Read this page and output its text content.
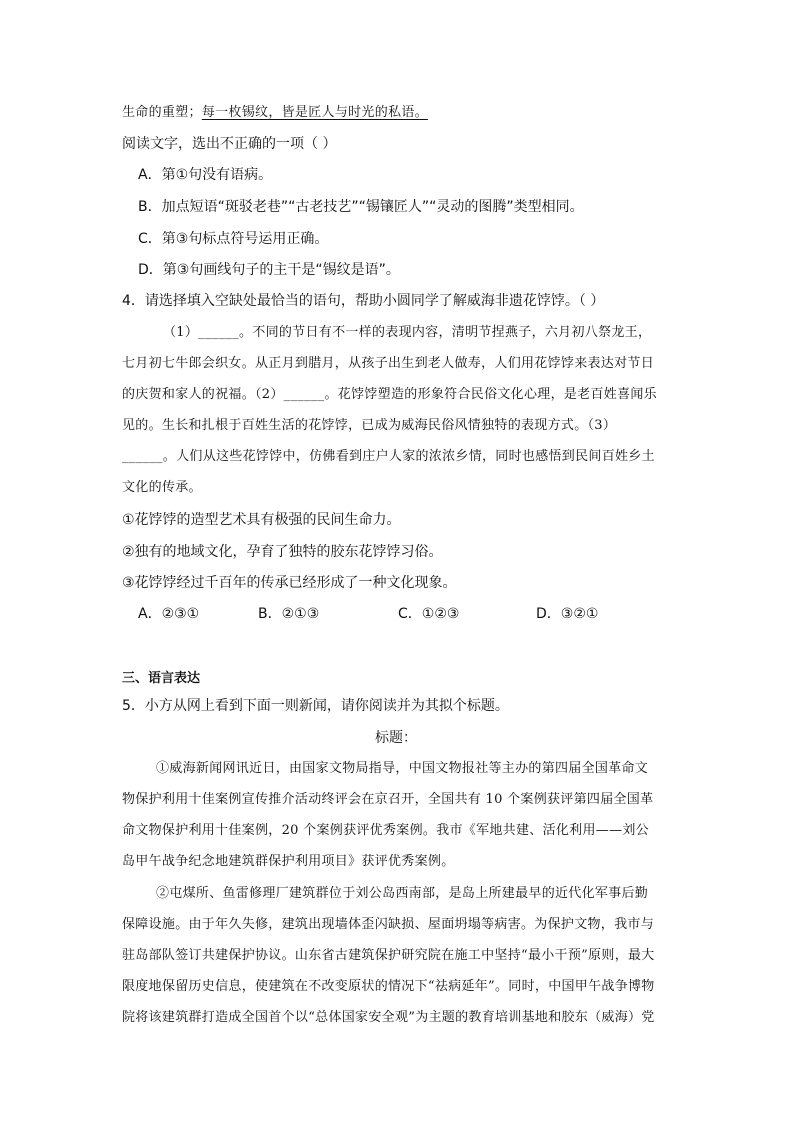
生命的重塑；每一枚锡纹，皆是匠人与时光的私语。
阅读文字，选出不正确的一项（ ）
A．第①句没有语病。
B．加点短语“斑驳老巷”“古老技艺”“锡镶匠人”“灵动的图腾”类型相同。
C．第③句标点符号运用正确。
D．第③句画线句子的主干是“锡纹是语”。
4．请选择填入空缺处最恰当的语句，帮助小圆同学了解威海非遗花饽饽。（ ）
（1）______。不同的节日有不一样的表现内容，清明节捏燕子，六月初八祭龙王，
七月初七牛郎会织女。从正月到腊月，从孩子出生到老人做寿，人们用花饽饽来表达对节日
的庆贺和家人的祝福。（2）______。花饽饽塑造的形象符合民俗文化心理，是老百姓喜闻乐
见的。生长和扎根于百姓生活的花饽饽，已成为威海民俗风情独特的表现方式。（3）
______。人们从这些花饽饽中，仿佛看到庄户人家的浓浓乡情，同时也感悟到民间百姓乡土
文化的传承。
①花饽饽的造型艺术具有极强的民间生命力。
②独有的地域文化，孕育了独特的胶东花饽饽习俗。
③花饽饽经过千百年的传承已经形成了一种文化现象。
A．②③①	B．②①③	C．①②③	D．③②①
三、语言表达
5．小方从网上看到下面一则新闻，请你阅读并为其拟个标题。
标题：
①威海新闻网讯近日，由国家文物局指导，中国文物报社等主办的第四届全国革命文
物保护利用十佳案例宣传推介活动终评会在京召开，全国共有 10 个案例获评第四届全国革
命文物保护利用十佳案例，20 个案例获评优秀案例。我市《军地共建、活化利用——刘公
岛甲午战争纪念地建筑群保护利用项目》获评优秀案例。
②屯煤所、鱼雷修理厂建筑群位于刘公岛西南部，是岛上所建最早的近代化军事后勤
保障设施。由于年久失修，建筑出现墙体歪闪缺损、屋面坍塌等病害。为保护文物，我市与
驻岛部队签订共建保护协议。山东省古建筑保护研究院在施工中坚持“最小干预”原则，最大
限度地保留历史信息，使建筑在不改变原状的情况下“祛病延年”。同时，中国甲午战争博物
院将该建筑群打造成全国首个以“总体国家安全观”为主题的教育培训基地和胶东（威海）党
